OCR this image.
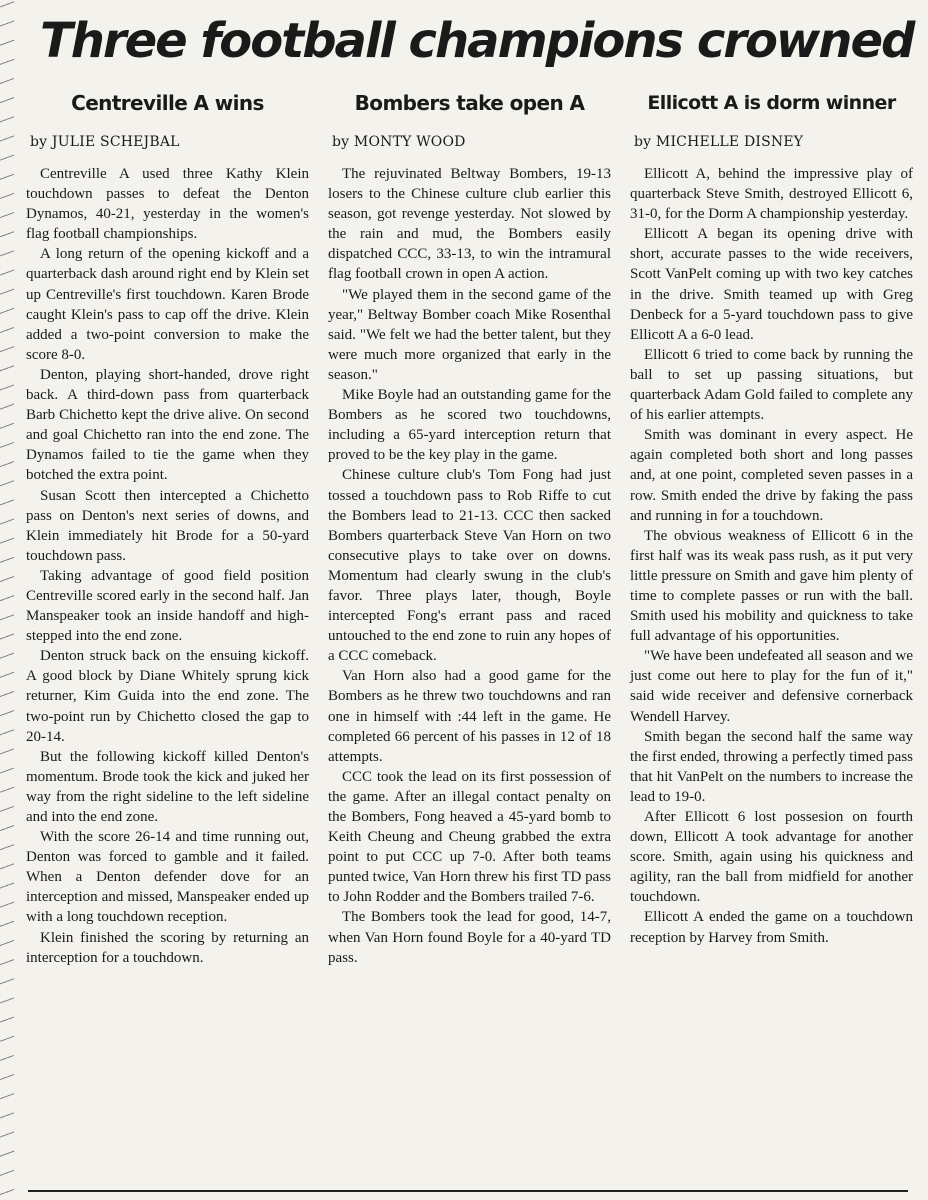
Three football champions crowned
Centreville A wins
by JULIE SCHEJBAL

Centreville A used three Kathy Klein touchdown passes to defeat the Denton Dynamos, 40-21, yesterday in the women's flag football championships.

A long return of the opening kickoff and a quarterback dash around right end by Klein set up Centreville's first touchdown. Karen Brode caught Klein's pass to cap off the drive. Klein added a two-point conversion to make the score 8-0.

Denton, playing short-handed, drove right back. A third-down pass from quarterback Barb Chichetto kept the drive alive. On second and goal Chichetto ran into the end zone. The Dynamos failed to tie the game when they botched the extra point.

Susan Scott then intercepted a Chichetto pass on Denton's next series of downs, and Klein immediately hit Brode for a 50-yard touchdown pass.

Taking advantage of good field position Centreville scored early in the second half. Jan Manspeaker took an inside handoff and high-stepped into the end zone.

Denton struck back on the ensuing kickoff. A good block by Diane Whitely sprung kick returner, Kim Guida into the end zone. The two-point run by Chichetto closed the gap to 20-14.

But the following kickoff killed Denton's momentum. Brode took the kick and juked her way from the right sideline to the left sideline and into the end zone.

With the score 26-14 and time running out, Denton was forced to gamble and it failed. When a Denton defender dove for an interception and missed, Manspeaker ended up with a long touchdown reception.

Klein finished the scoring by returning an interception for a touchdown.

Bombers take open A
by MONTY WOOD

The rejuvinated Beltway Bombers, 19-13 losers to the Chinese culture club earlier this season, got revenge yesterday. Not slowed by the rain and mud, the Bombers easily dispatched CCC, 33-13, to win the intramural flag football crown in open A action.

"We played them in the second game of the year," Beltway Bomber coach Mike Rosenthal said. "We felt we had the better talent, but they were much more organized that early in the season."

Mike Boyle had an outstanding game for the Bombers as he scored two touchdowns, including a 65-yard interception return that proved to be the key play in the game.

Chinese culture club's Tom Fong had just tossed a touchdown pass to Rob Riffe to cut the Bombers lead to 21-13. CCC then sacked Bombers quarterback Steve Van Horn on two consecutive plays to take over on downs. Momentum had clearly swung in the club's favor. Three plays later, though, Boyle intercepted Fong's errant pass and raced untouched to the end zone to ruin any hopes of a CCC comeback.

Van Horn also had a good game for the Bombers as he threw two touchdowns and ran one in himself with :44 left in the game. He completed 66 percent of his passes in 12 of 18 attempts.

CCC took the lead on its first possession of the game. After an illegal contact penalty on the Bombers, Fong heaved a 45-yard bomb to Keith Cheung and Cheung grabbed the extra point to put CCC up 7-0. After both teams punted twice, Van Horn threw his first TD pass to John Rodder and the Bombers trailed 7-6.

The Bombers took the lead for good, 14-7, when Van Horn found Boyle for a 40-yard TD pass.

Ellicott A is dorm winner
by MICHELLE DISNEY

Ellicott A, behind the impressive play of quarterback Steve Smith, destroyed Ellicott 6, 31-0, for the Dorm A championship yesterday.

Ellicott A began its opening drive with short, accurate passes to the wide receivers, Scott VanPelt coming up with two key catches in the drive. Smith teamed up with Greg Denbeck for a 5-yard touchdown pass to give Ellicott A a 6-0 lead.

Ellicott 6 tried to come back by running the ball to set up passing situations, but quarterback Adam Gold failed to complete any of his earlier attempts.

Smith was dominant in every aspect. He again completed both short and long passes and, at one point, completed seven passes in a row. Smith ended the drive by faking the pass and running in for a touchdown.

The obvious weakness of Ellicott 6 in the first half was its weak pass rush, as it put very little pressure on Smith and gave him plenty of time to complete passes or run with the ball. Smith used his mobility and quickness to take full advantage of his opportunities.

"We have been undefeated all season and we just come out here to play for the fun of it," said wide receiver and defensive cornerback Wendell Harvey.

Smith began the second half the same way the first ended, throwing a perfectly timed pass that hit VanPelt on the numbers to increase the lead to 19-0.

After Ellicott 6 lost possesion on fourth down, Ellicott A took advantage for another score. Smith, again using his quickness and agility, ran the ball from midfield for another touchdown.

Ellicott A ended the game on a touchdown reception by Harvey from Smith.
